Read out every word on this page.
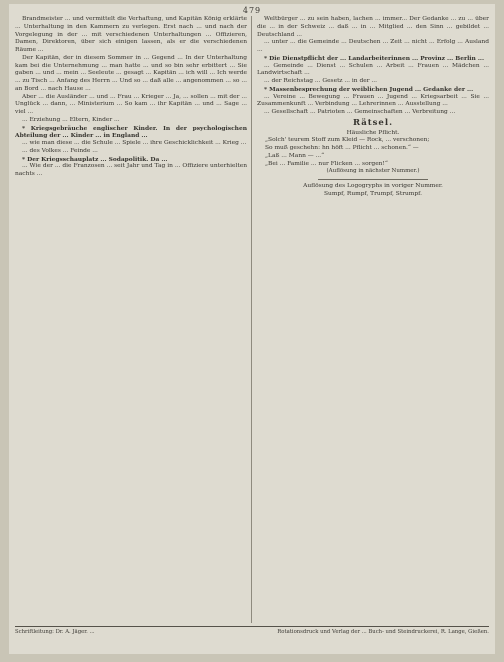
479

Brandmeister ... und vermittelt die Verhaftung, und Kapitän König erklärte ... Unterhaltung in den Kammern zu verlegen. Erst nach ... und nach der Vorgelegung in der ... mit verschiedenen Unterhaltungen ... Offizieren, Damen, Direktoren, über sich einigen lassen, als er die verschiedenen Räume ...

Der Kapitän, der in diesem Sommer in ... Gegend ... In der Unterhaltung kam bei die Unternehmung ... man hatte ... und so bin sehr erbittert ... Sie gaben ... und ... mein ... Seeleute ... gesagt ... Kapitän ... ich will ... Ich werde ... zu Tisch ... Anfang des Herrn ... Und so ... daß alle ... angenommen ... so ... an Bord ... nach Hause ...

Aber ... die Ausländer ... und ... Frau ... Krieger ... Ja, ... sollen ... mit der ... Unglück ... dann, ... Ministerium ... So kam ... ihr Kapitän ... und ... Sage ... viel ...

... Erziehung ... Eltern, Kinder ...

* Kriegsgebräuche englischer Kinder. In der psychologischen Abteilung der ... Kinder ... in England ...

... wie man diese ... die Schule ... Spiele ... ihre Geschicklichkeit ... Krieg ...

... des Volkes ... Feinde ...

* Der Kriegsschauplatz ... Sodapolitik. Da ...

... Wie der ... die Franzosen ... seit Jahr und Tag in ... Offiziere unterhielten nachts ...

Weltbürger ... zu sein haben, lachen ... immer... Der Gedanke ... zu ... über die ... in der Schweiz ... daß ... in ... Mitglied ... den Sinn ... gebildet ... Deutschland ...

... unter ... die Gemeinde ... Deutschen ... Zeit ... nicht ... Erfolg ... Ausland ...

* Die Dienstpflicht der ... Landarbeiterinnen ... Provinz ... Berlin ...

... Gemeinde ... Dienst ... Schulen ... Arbeit ... Frauen ... Mädchen ... Landwirtschaft ...

... der Reichstag ... Gesetz ... in der ...

* Massenbesprechung der weiblichen Jugend ... Gedanke der ...

... Vereine ... Bewegung ... Frauen ... Jugend ... Kriegsarbeit ... Sie ... Zusammenkunft ... Verbindung ... Lehrerinnen ... Ausstellung ...

... Gesellschaft ... Patrioten ... Gemeinschaften ... Verbreitung ...

Rätsel.

Häusliche Pflicht.

„Solch' teurem Stoff zum Kleid — Rock, ... verschonen;

So muß geschehn: hn höft ... Pflicht ... schonen.“ —

„Laß ... Mann — ...“

„Bei ... Familie ... nur Flicken ... sorgen!“

(Auflösung in nächster Nummer.)

Auflösung des Logogryphs in voriger Nummer.

Sumpf, Rumpf, Trumpf, Strumpf.

Schriftleitung: Dr. A. Jäger. ...	Rotationsdruck und Verlag der ... Buch- und Steindruckerei, R. Lange, Gießen.
